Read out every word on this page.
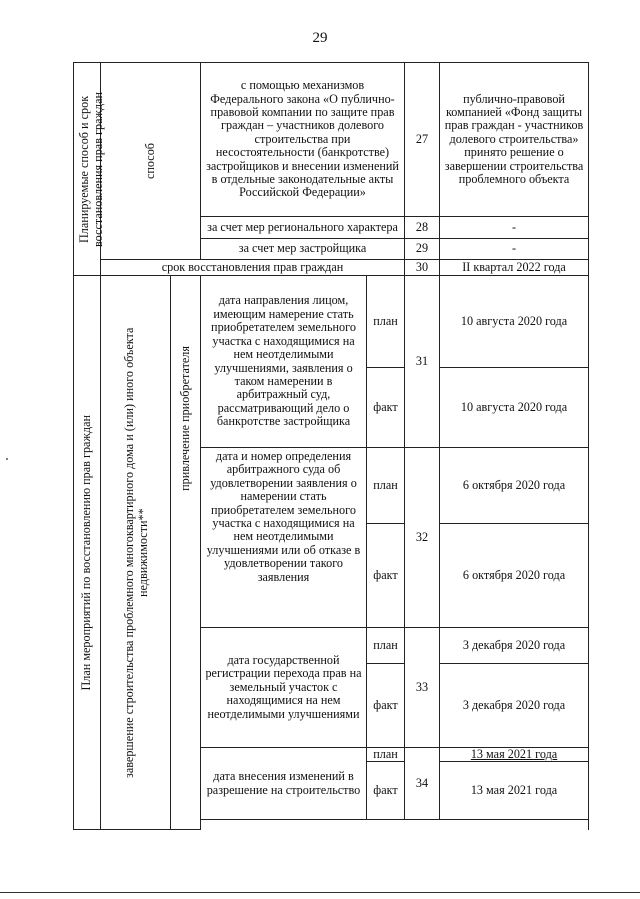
29
Планируемые способ и срок восстановления прав граждан	способ		с помощью механизмов Федерального закона «О публично-правовой компании по защите прав граждан – участников долевого строительства при несостоятельности (банкротстве) застройщиков и внесении изменений в отдельные законодательные акты Российской Федерации»		27	публично-правовой компанией «Фонд защиты прав граждан - участников долевого строительства» принято решение о завершении строительства проблемного объекта
			за счет мер регионального характера		28	-
			за счет мер застройщика		29	-
	срок восстановления прав граждан				30	II квартал 2022 года

План мероприятий по восстановлению прав граждан	завершение строительства проблемного многоквартирного дома и (или) иного объекта недвижимости**	привлечение приобретателя	дата направления лицом, имеющим намерение стать приобретателем земельного участка с находящимися на нем неотделимыми улучшениями, заявления о таком намерении в арбитражный суд, рассматривающий дело о банкротстве застройщика	план	31	10 августа 2020 года
				факт		10 августа 2020 года
			дата и номер определения арбитражного суда об удовлетворении заявления о намерении стать приобретателем земельного участка с находящимися на нем неотделимыми улучшениями или об отказе в удовлетворении такого заявления	план	32	6 октября 2020 года
				факт		6 октября 2020 года
			дата государственной регистрации перехода прав на земельный участок с находящимися на нем неотделимыми улучшениями	план	33	3 декабря 2020 года
				факт		3 декабря 2020 года
			дата внесения изменений в разрешение на строительство	план	34	13 мая 2021 года
				факт		13 мая 2021 года
